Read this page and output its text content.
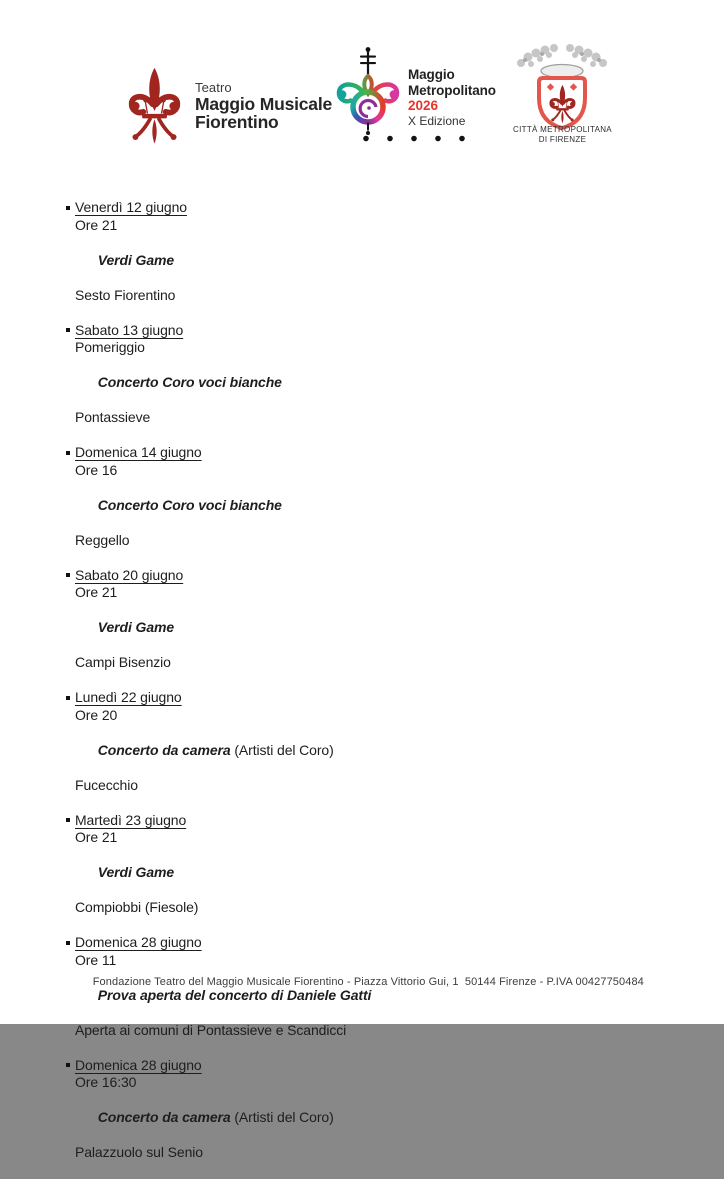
Teatro
Maggio Musicale
Fiorentino
Maggio
Metropolitano
2026
X Edizione
CITTÀ METROPOLITANA
DI FIRENZE
Venerdì 12 giugno
Ore 21

Verdi Game

Sesto Fiorentino
Sabato 13 giugno
Pomeriggio

Concerto Coro voci bianche

Pontassieve
Domenica 14 giugno
Ore 16

Concerto Coro voci bianche

Reggello
Sabato 20 giugno
Ore 21

Verdi Game

Campi Bisenzio
Lunedì 22 giugno
Ore 20

Concerto da camera (Artisti del Coro)

Fucecchio
Martedì 23 giugno
Ore 21

Verdi Game

Compiobbi (Fiesole)
Domenica 28 giugno
Ore 11

Prova aperta del concerto di Daniele Gatti

Aperta ai comuni di Pontassieve e Scandicci
Domenica 28 giugno
Ore 16:30

Concerto da camera (Artisti del Coro)

Palazzuolo sul Senio

Fondazione Teatro del Maggio Musicale Fiorentino - Piazza Vittorio Gui, 1  50144 Firenze - P.IVA 00427750484
